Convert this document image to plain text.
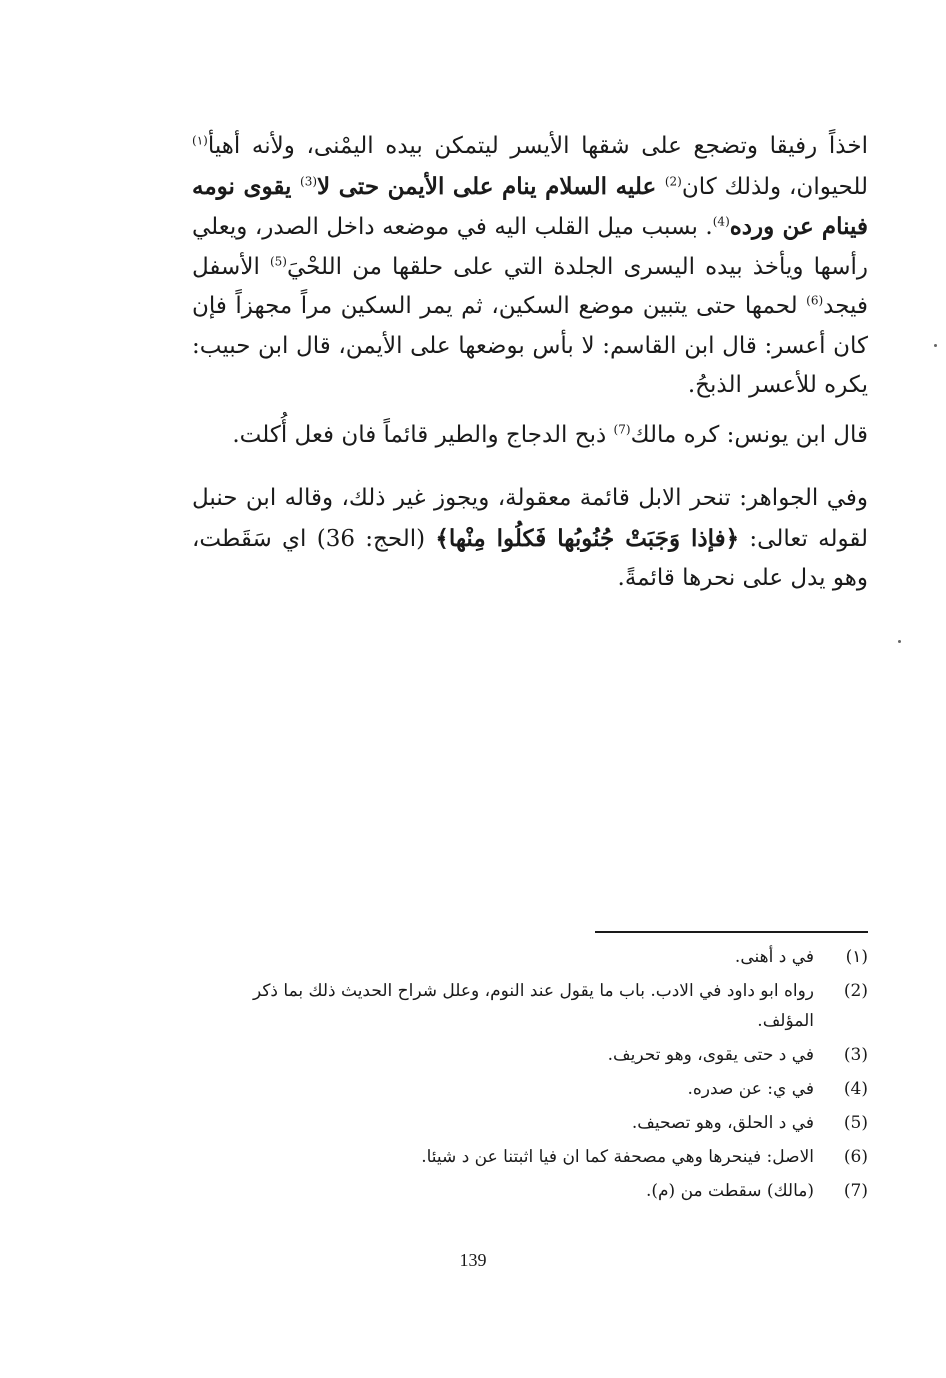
اخذاً رفيقا وتضجع على شقها الأيسر ليتمكن بيده اليمْنى، ولأنه أهيأ$^{(١)}$ للحيوان، ولذلك كان$^{(2)}$ عليه السلام ينام على الأيمن حتى لا$^{(3)}$ يقوى نومه فينام عن ورده$^{(4)}$. بسبب ميل القلب اليه في موضعه داخل الصدر، ويعلي رأسها ويأخذ بيده اليسرى الجلدة التي على حلقها من اللحْيَ$^{(5)}$ الأسفل فيجد$^{(6)}$ لحمها حتى يتبين موضع السكين، ثم يمر السكين مراً مجهزاً فإن كان أعسر: قال ابن القاسم: لا بأس بوضعها على الأيمن، قال ابن حبيب: يكره للأعسر الذبحُ.

قال ابن يونس: كره مالك$^{(7)}$ ذبح الدجاج والطير قائماً فان فعل أُكلت.

وفي الجواهر: تنحر الابل قائمة معقولة، ويجوز غير ذلك، وقاله ابن حنبل لقوله تعالى: ﴿فإذا وَجَبَتْ جُنُوبُها فَكلُوا مِنْها﴾ (الحج: 36) اي سَقَطت، وهو يدل على نحرها قائمةً.

(١)
في د أهنى.
(2)
رواه ابو داود في الادب. باب ما يقول عند النوم، وعلل شراح الحديث ذلك بما ذكر المؤلف.
(3)
في د حتى يقوى، وهو تحريف.
(4)
في ي: عن صدره.
(5)
في د الحلق، وهو تصحيف.
(6)
الاصل: فينحرها وهي مصحفة كما ان فيا اثبتنا عن د شيئا.
(7)
(مالك) سقطت من (م).
139
